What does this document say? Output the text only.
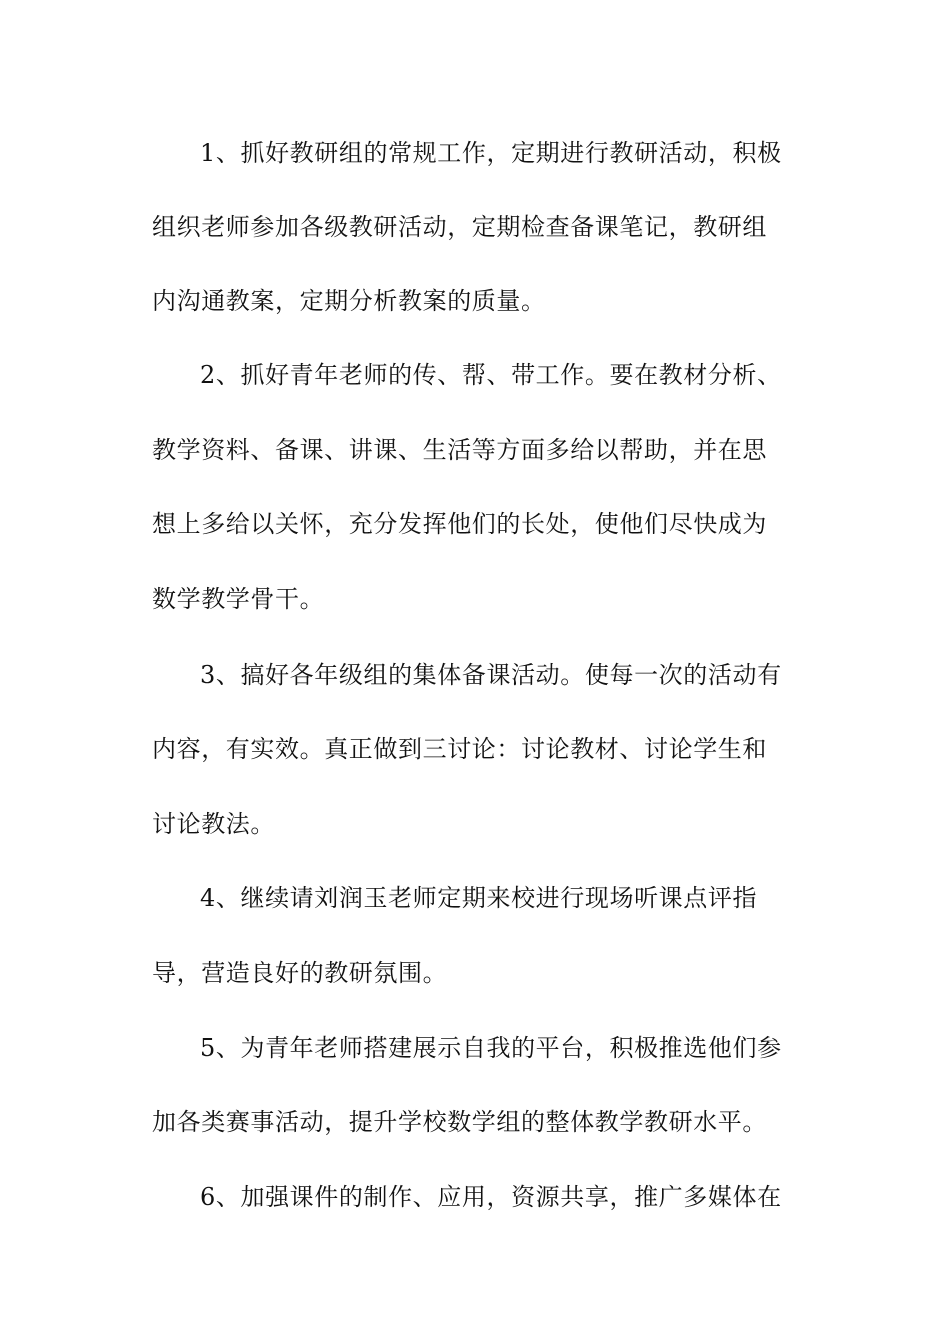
1、抓好教研组的常规工作，定期进行教研活动，积极
组织老师参加各级教研活动，定期检查备课笔记，教研组
内沟通教案，定期分析教案的质量。
2、抓好青年老师的传、帮、带工作。要在教材分析、
教学资料、备课、讲课、生活等方面多给以帮助，并在思
想上多给以关怀，充分发挥他们的长处，使他们尽快成为
数学教学骨干。
3、搞好各年级组的集体备课活动。使每一次的活动有
内容，有实效。真正做到三讨论：讨论教材、讨论学生和
讨论教法。
4、继续请刘润玉老师定期来校进行现场听课点评指
导，营造良好的教研氛围。
5、为青年老师搭建展示自我的平台，积极推选他们参
加各类赛事活动，提升学校数学组的整体教学教研水平。
6、加强课件的制作、应用，资源共享，推广多媒体在
